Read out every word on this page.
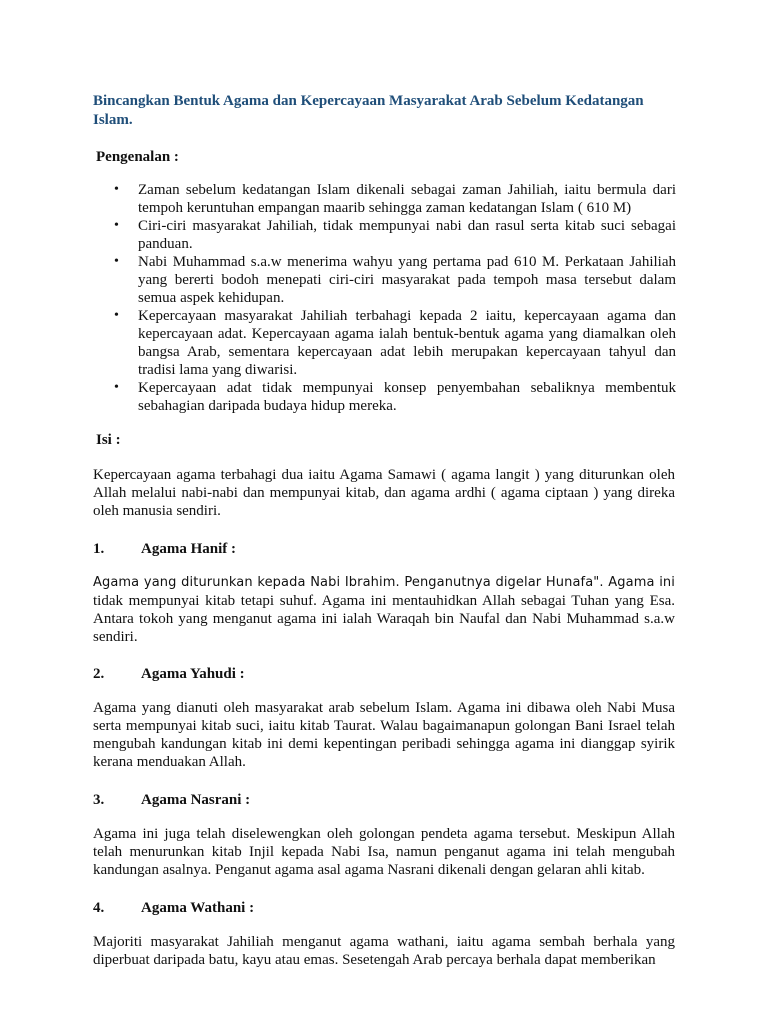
Bincangkan Bentuk Agama dan Kepercayaan Masyarakat Arab Sebelum Kedatangan Islam.

Pengenalan :

• Zaman sebelum kedatangan Islam dikenali sebagai zaman Jahiliah, iaitu bermula dari tempoh keruntuhan empangan maarib sehingga zaman kedatangan Islam ( 610 M)
• Ciri-ciri masyarakat Jahiliah, tidak mempunyai nabi dan rasul serta kitab suci sebagai panduan.
• Nabi Muhammad s.a.w menerima wahyu yang pertama pad 610 M. Perkataan Jahiliah yang bererti bodoh menepati ciri-ciri masyarakat pada tempoh masa tersebut dalam semua aspek kehidupan.
• Kepercayaan masyarakat Jahiliah terbahagi kepada 2 iaitu, kepercayaan agama dan kepercayaan adat. Kepercayaan agama ialah bentuk-bentuk agama yang diamalkan oleh bangsa Arab, sementara kepercayaan adat lebih merupakan kepercayaan tahyul dan tradisi lama yang diwarisi.
• Kepercayaan adat tidak mempunyai konsep penyembahan sebaliknya membentuk sebahagian daripada budaya hidup mereka.

Isi :

Kepercayaan agama terbahagi dua iaitu Agama Samawi ( agama langit ) yang diturunkan oleh Allah melalui nabi-nabi dan mempunyai kitab, dan agama ardhi ( agama ciptaan ) yang direka oleh manusia sendiri.

1. Agama Hanif :

Agama yang diturunkan kepada Nabi Ibrahim. Penganutnya digelar Hunafa". Agama ini tidak mempunyai kitab tetapi suhuf. Agama ini mentauhidkan Allah sebagai Tuhan yang Esa. Antara tokoh yang menganut agama ini ialah Waraqah bin Naufal dan Nabi Muhammad s.a.w sendiri.

2. Agama Yahudi :

Agama yang dianuti oleh masyarakat arab sebelum Islam. Agama ini dibawa oleh Nabi Musa serta mempunyai kitab suci, iaitu kitab Taurat. Walau bagaimanapun golongan Bani Israel telah mengubah kandungan kitab ini demi kepentingan peribadi sehingga agama ini dianggap syirik kerana menduakan Allah.

3. Agama Nasrani :

Agama ini juga telah diselewengkan oleh golongan pendeta agama tersebut. Meskipun Allah telah menurunkan kitab Injil kepada Nabi Isa, namun penganut agama ini telah mengubah kandungan asalnya. Penganut agama asal agama Nasrani dikenali dengan gelaran ahli kitab.

4. Agama Wathani :

Majoriti masyarakat Jahiliah menganut agama wathani, iaitu agama sembah berhala yang diperbuat daripada batu, kayu atau emas. Sesetengah Arab percaya berhala dapat memberikan
